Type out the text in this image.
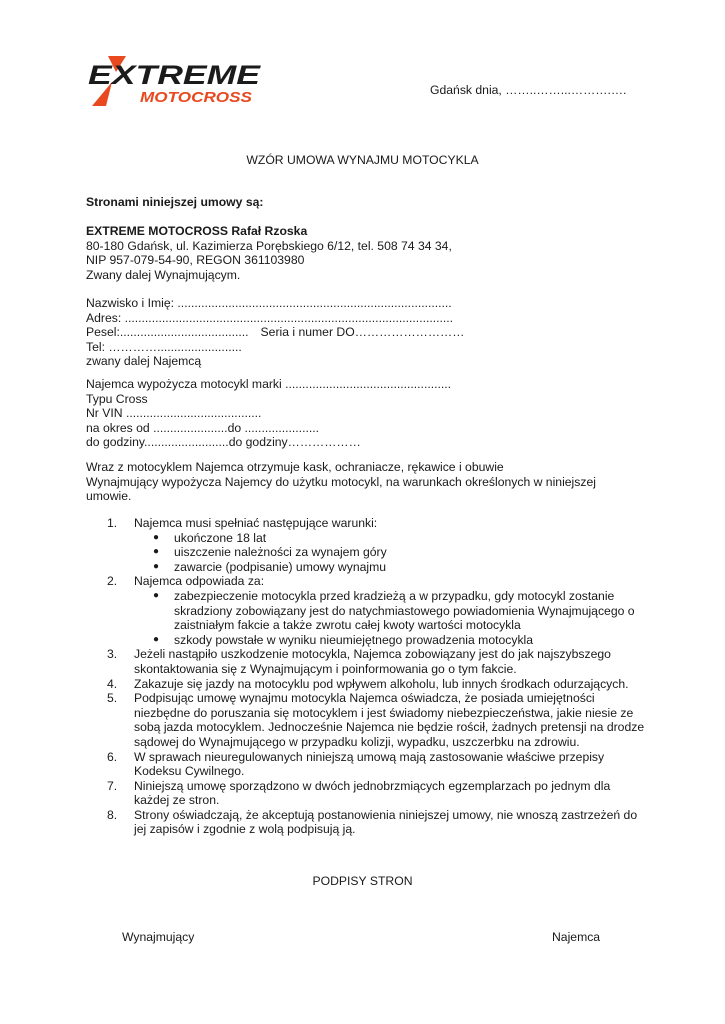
EXTREME
MOTOCROSS	Gdańsk dnia, ……..……...……….….
WZÓR UMOWA WYNAJMU MOTOCYKLA
Stronami niniejszej umowy są:
EXTREME MOTOCROSS Rafał Rzoska
80-180 Gdańsk, ul. Kazimierza Porębskiego 6/12, tel. 508 74 34 34,
NIP 957-079-54-90, REGON 361103980
Zwany dalej Wynajmującym.
Nazwisko i Imię: .................................................................................
Adres: .................................................................................................
Pesel:...................................... Seria i numer DO………………………
Tel: ………….........................
zwany dalej Najemcą
Najemca wypożycza motocykl marki .................................................
Typu Cross
Nr VIN ........................................
na okres od ......................do ......................
do godziny.........................do godziny………………
Wraz z motocyklem Najemca otrzymuje kask, ochraniacze, rękawice i obuwie
Wynajmujący wypożycza Najemcy do użytku motocykl, na warunkach określonych w niniejszej umowie.
1. Najemca musi spełniać następujące warunki:
● ukończone 18 lat
● uiszczenie należności za wynajem góry
● zawarcie (podpisanie) umowy wynajmu
2. Najemca odpowiada za:
● zabezpieczenie motocykla przed kradzieżą a w przypadku, gdy motocykl zostanie skradziony zobowiązany jest do natychmiastowego powiadomienia Wynajmującego o zaistniałym fakcie a także zwrotu całej kwoty wartości motocykla
● szkody powstałe w wyniku nieumiejętnego prowadzenia motocykla
3. Jeżeli nastąpiło uszkodzenie motocykla, Najemca zobowiązany jest do jak najszybszego skontaktowania się z Wynajmującym i poinformowania go o tym fakcie.
4. Zakazuje się jazdy na motocyklu pod wpływem alkoholu, lub innych środkach odurzających.
5. Podpisując umowę wynajmu motocykla Najemca oświadcza, że posiada umiejętności niezbędne do poruszania się motocyklem i jest świadomy niebezpieczeństwa, jakie niesie ze sobą jazda motocyklem. Jednocześnie Najemca nie będzie rościł, żadnych pretensji na drodze sądowej do Wynajmującego w przypadku kolizji, wypadku, uszczerbku na zdrowiu.
6. W sprawach nieuregulowanych niniejszą umową mają zastosowanie właściwe przepisy Kodeksu Cywilnego.
7. Niniejszą umowę sporządzono w dwóch jednobrzmiących egzemplarzach po jednym dla każdej ze stron.
8. Strony oświadczają, że akceptują postanowienia niniejszej umowy, nie wnoszą zastrzeżeń do jej zapisów i zgodnie z wolą podpisują ją.
PODPISY STRON
Wynajmujący	Najemca
